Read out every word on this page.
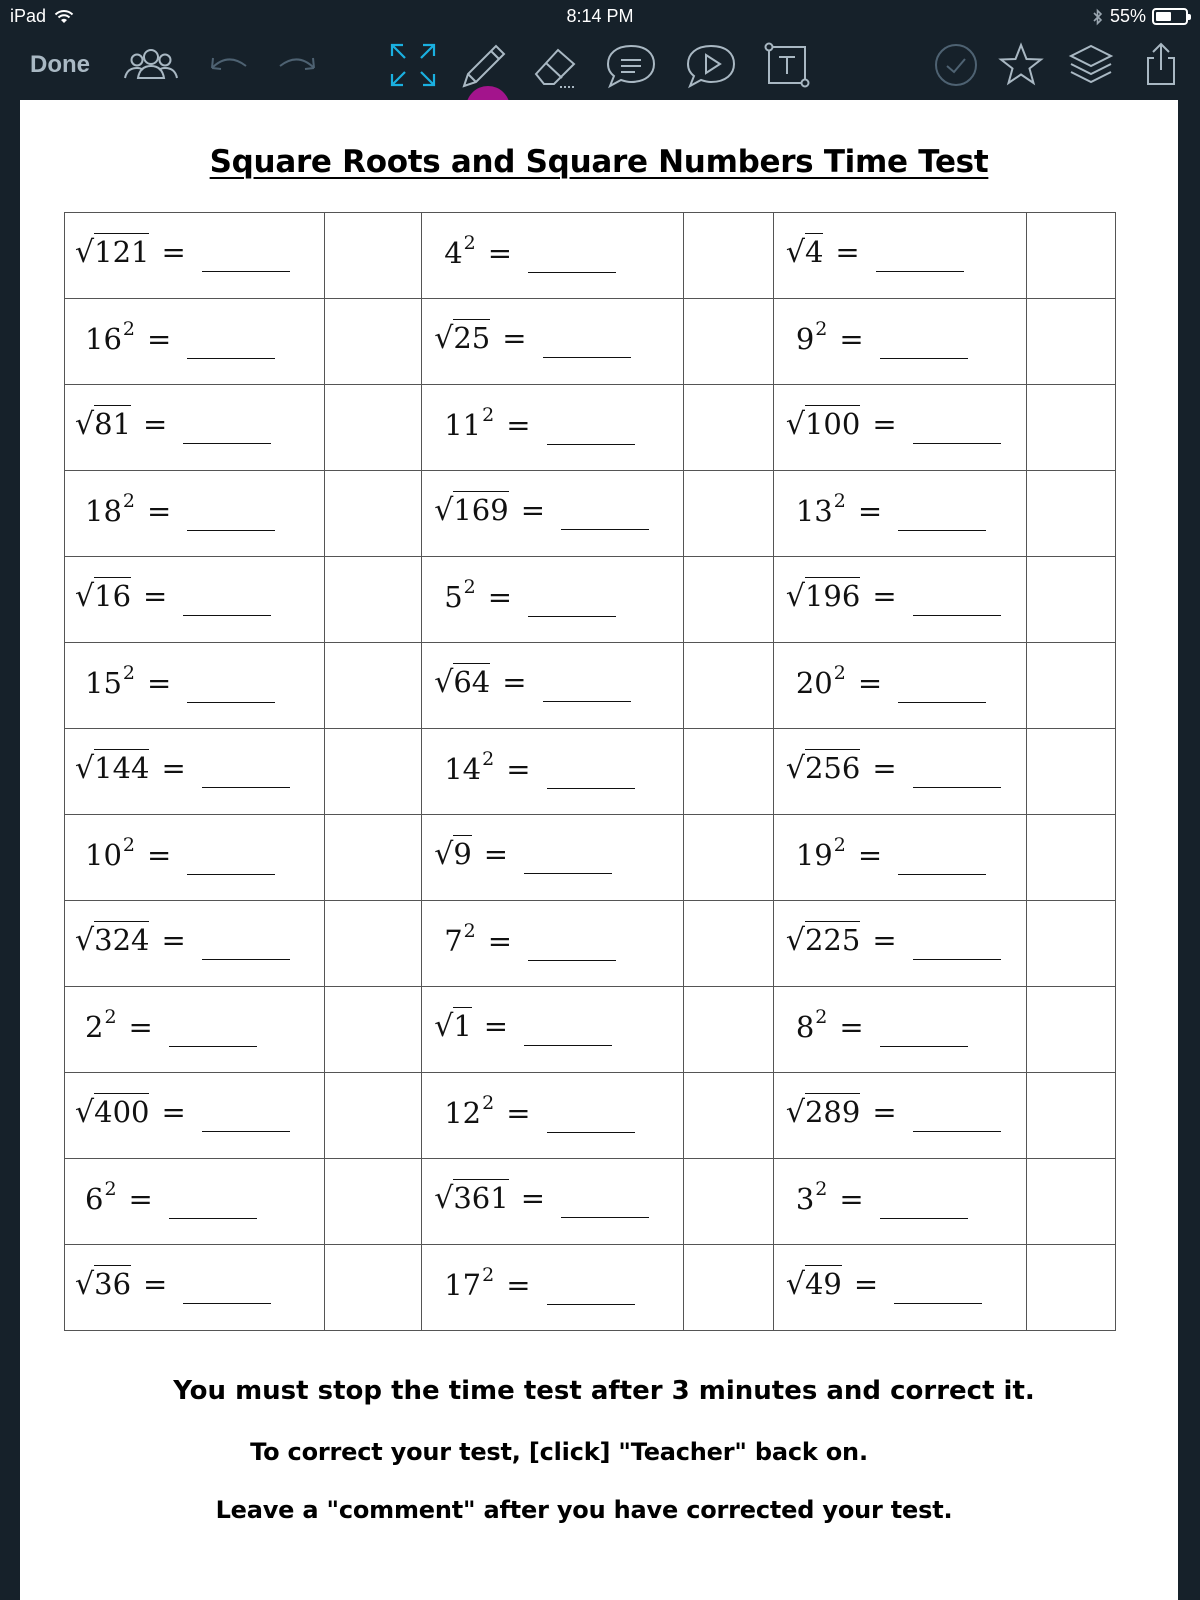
iPad	8:14 PM	55%
Done
Square Roots and Square Numbers Time Test
√121 =		$4^2$ =		√4 =	
$16^2$ =		√25 =		$9^2$ =	
√81 =		$11^2$ =		√100 =	
$18^2$ =		√169 =		$13^2$ =	
√16 =		$5^2$ =		√196 =	
$15^2$ =		√64 =		$20^2$ =	
√144 =		$14^2$ =		√256 =	
$10^2$ =		√9 =		$19^2$ =	
√324 =		$7^2$ =		√225 =	
$2^2$ =		√1 =		$8^2$ =	
√400 =		$12^2$ =		√289 =	
$6^2$ =		√361 =		$3^2$ =	
√36 =		$17^2$ =		√49 =	
You must stop the time test after 3 minutes and correct it.
To correct your test, [click] "Teacher" back on.
Leave a "comment" after you have corrected your test.
